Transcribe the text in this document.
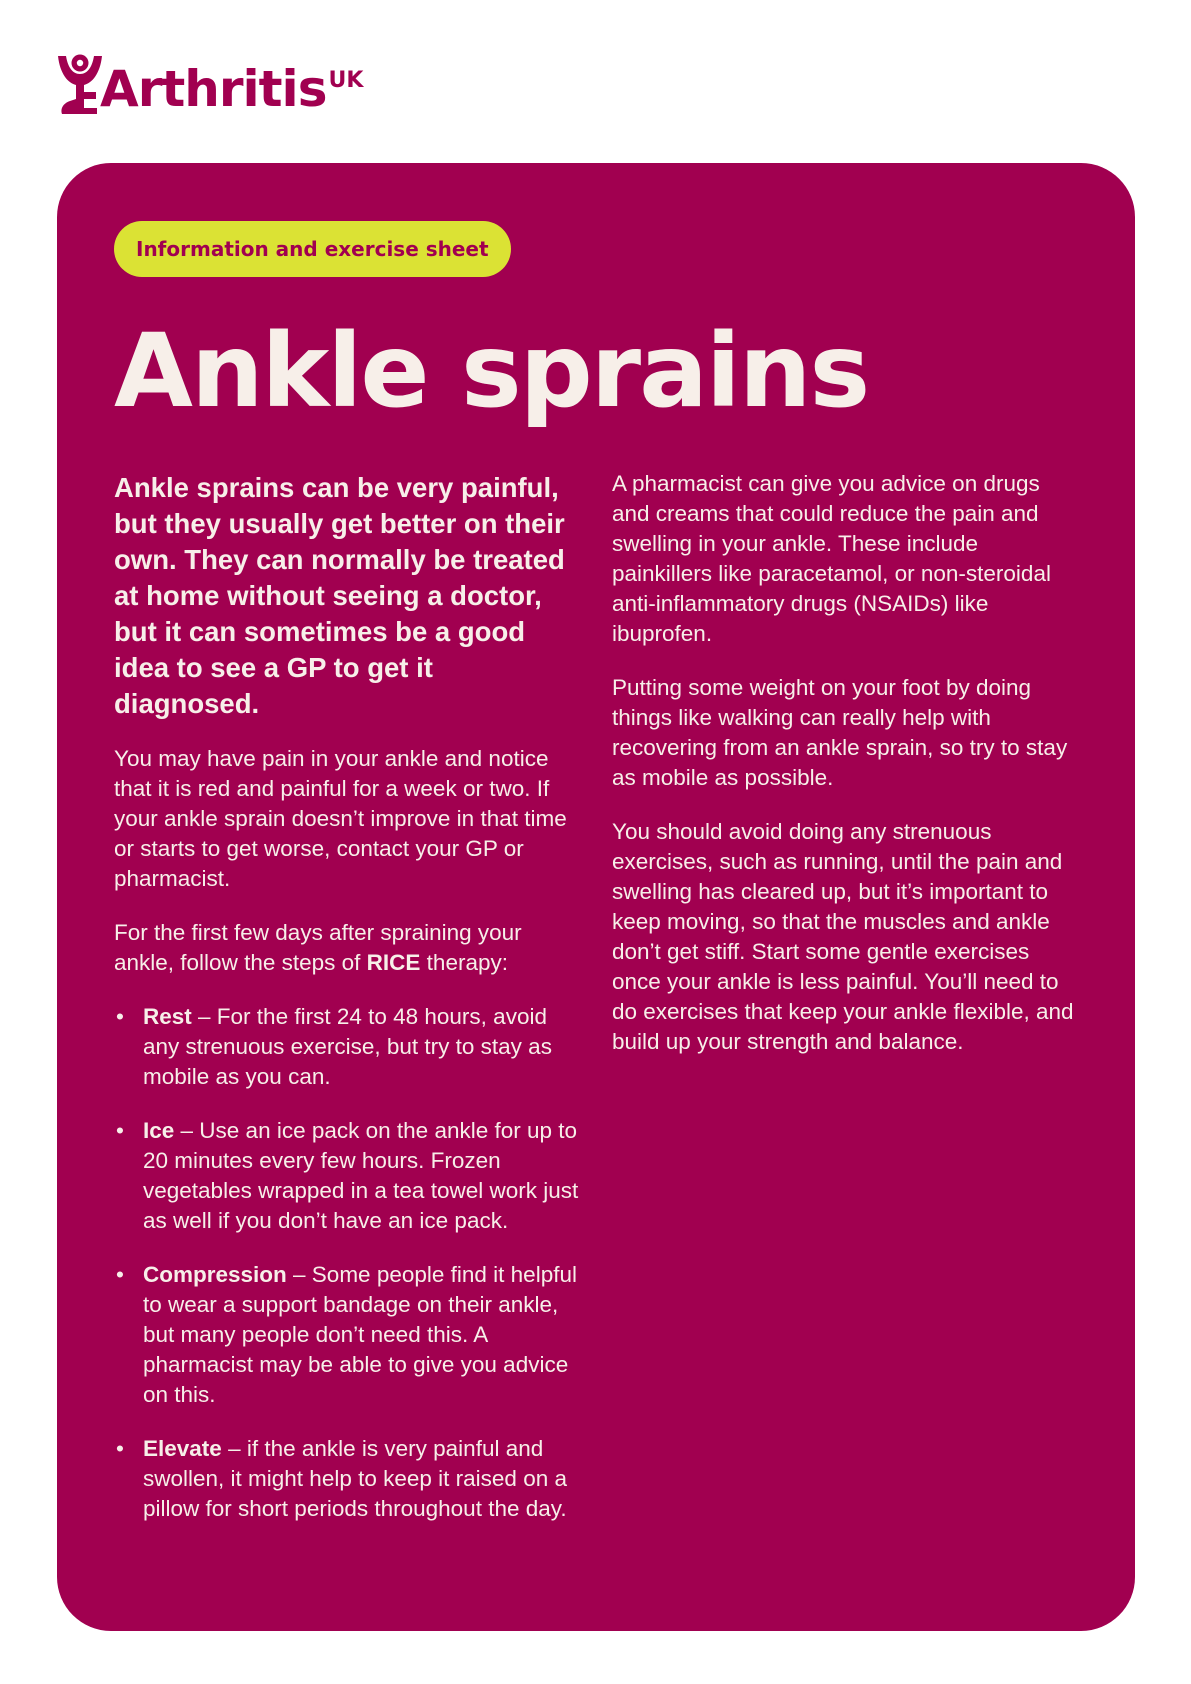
Arthritis UK
Information and exercise sheet
Ankle sprains

Ankle sprains can be very painful, but they usually get better on their own. They can normally be treated at home without seeing a doctor, but it can sometimes be a good idea to see a GP to get it diagnosed.

You may have pain in your ankle and notice that it is red and painful for a week or two. If your ankle sprain doesn’t improve in that time or starts to get worse, contact your GP or pharmacist.

For the first few days after spraining your ankle, follow the steps of RICE therapy:

• Rest – For the first 24 to 48 hours, avoid any strenuous exercise, but try to stay as mobile as you can.
• Ice – Use an ice pack on the ankle for up to 20 minutes every few hours. Frozen vegetables wrapped in a tea towel work just as well if you don’t have an ice pack.
• Compression – Some people find it helpful to wear a support bandage on their ankle, but many people don’t need this. A pharmacist may be able to give you advice on this.
• Elevate – if the ankle is very painful and swollen, it might help to keep it raised on a pillow for short periods throughout the day.

A pharmacist can give you advice on drugs and creams that could reduce the pain and swelling in your ankle. These include painkillers like paracetamol, or non-steroidal anti-inflammatory drugs (NSAIDs) like ibuprofen.

Putting some weight on your foot by doing things like walking can really help with recovering from an ankle sprain, so try to stay as mobile as possible.

You should avoid doing any strenuous exercises, such as running, until the pain and swelling has cleared up, but it’s important to keep moving, so that the muscles and ankle don’t get stiff. Start some gentle exercises once your ankle is less painful. You’ll need to do exercises that keep your ankle flexible, and build up your strength and balance.
